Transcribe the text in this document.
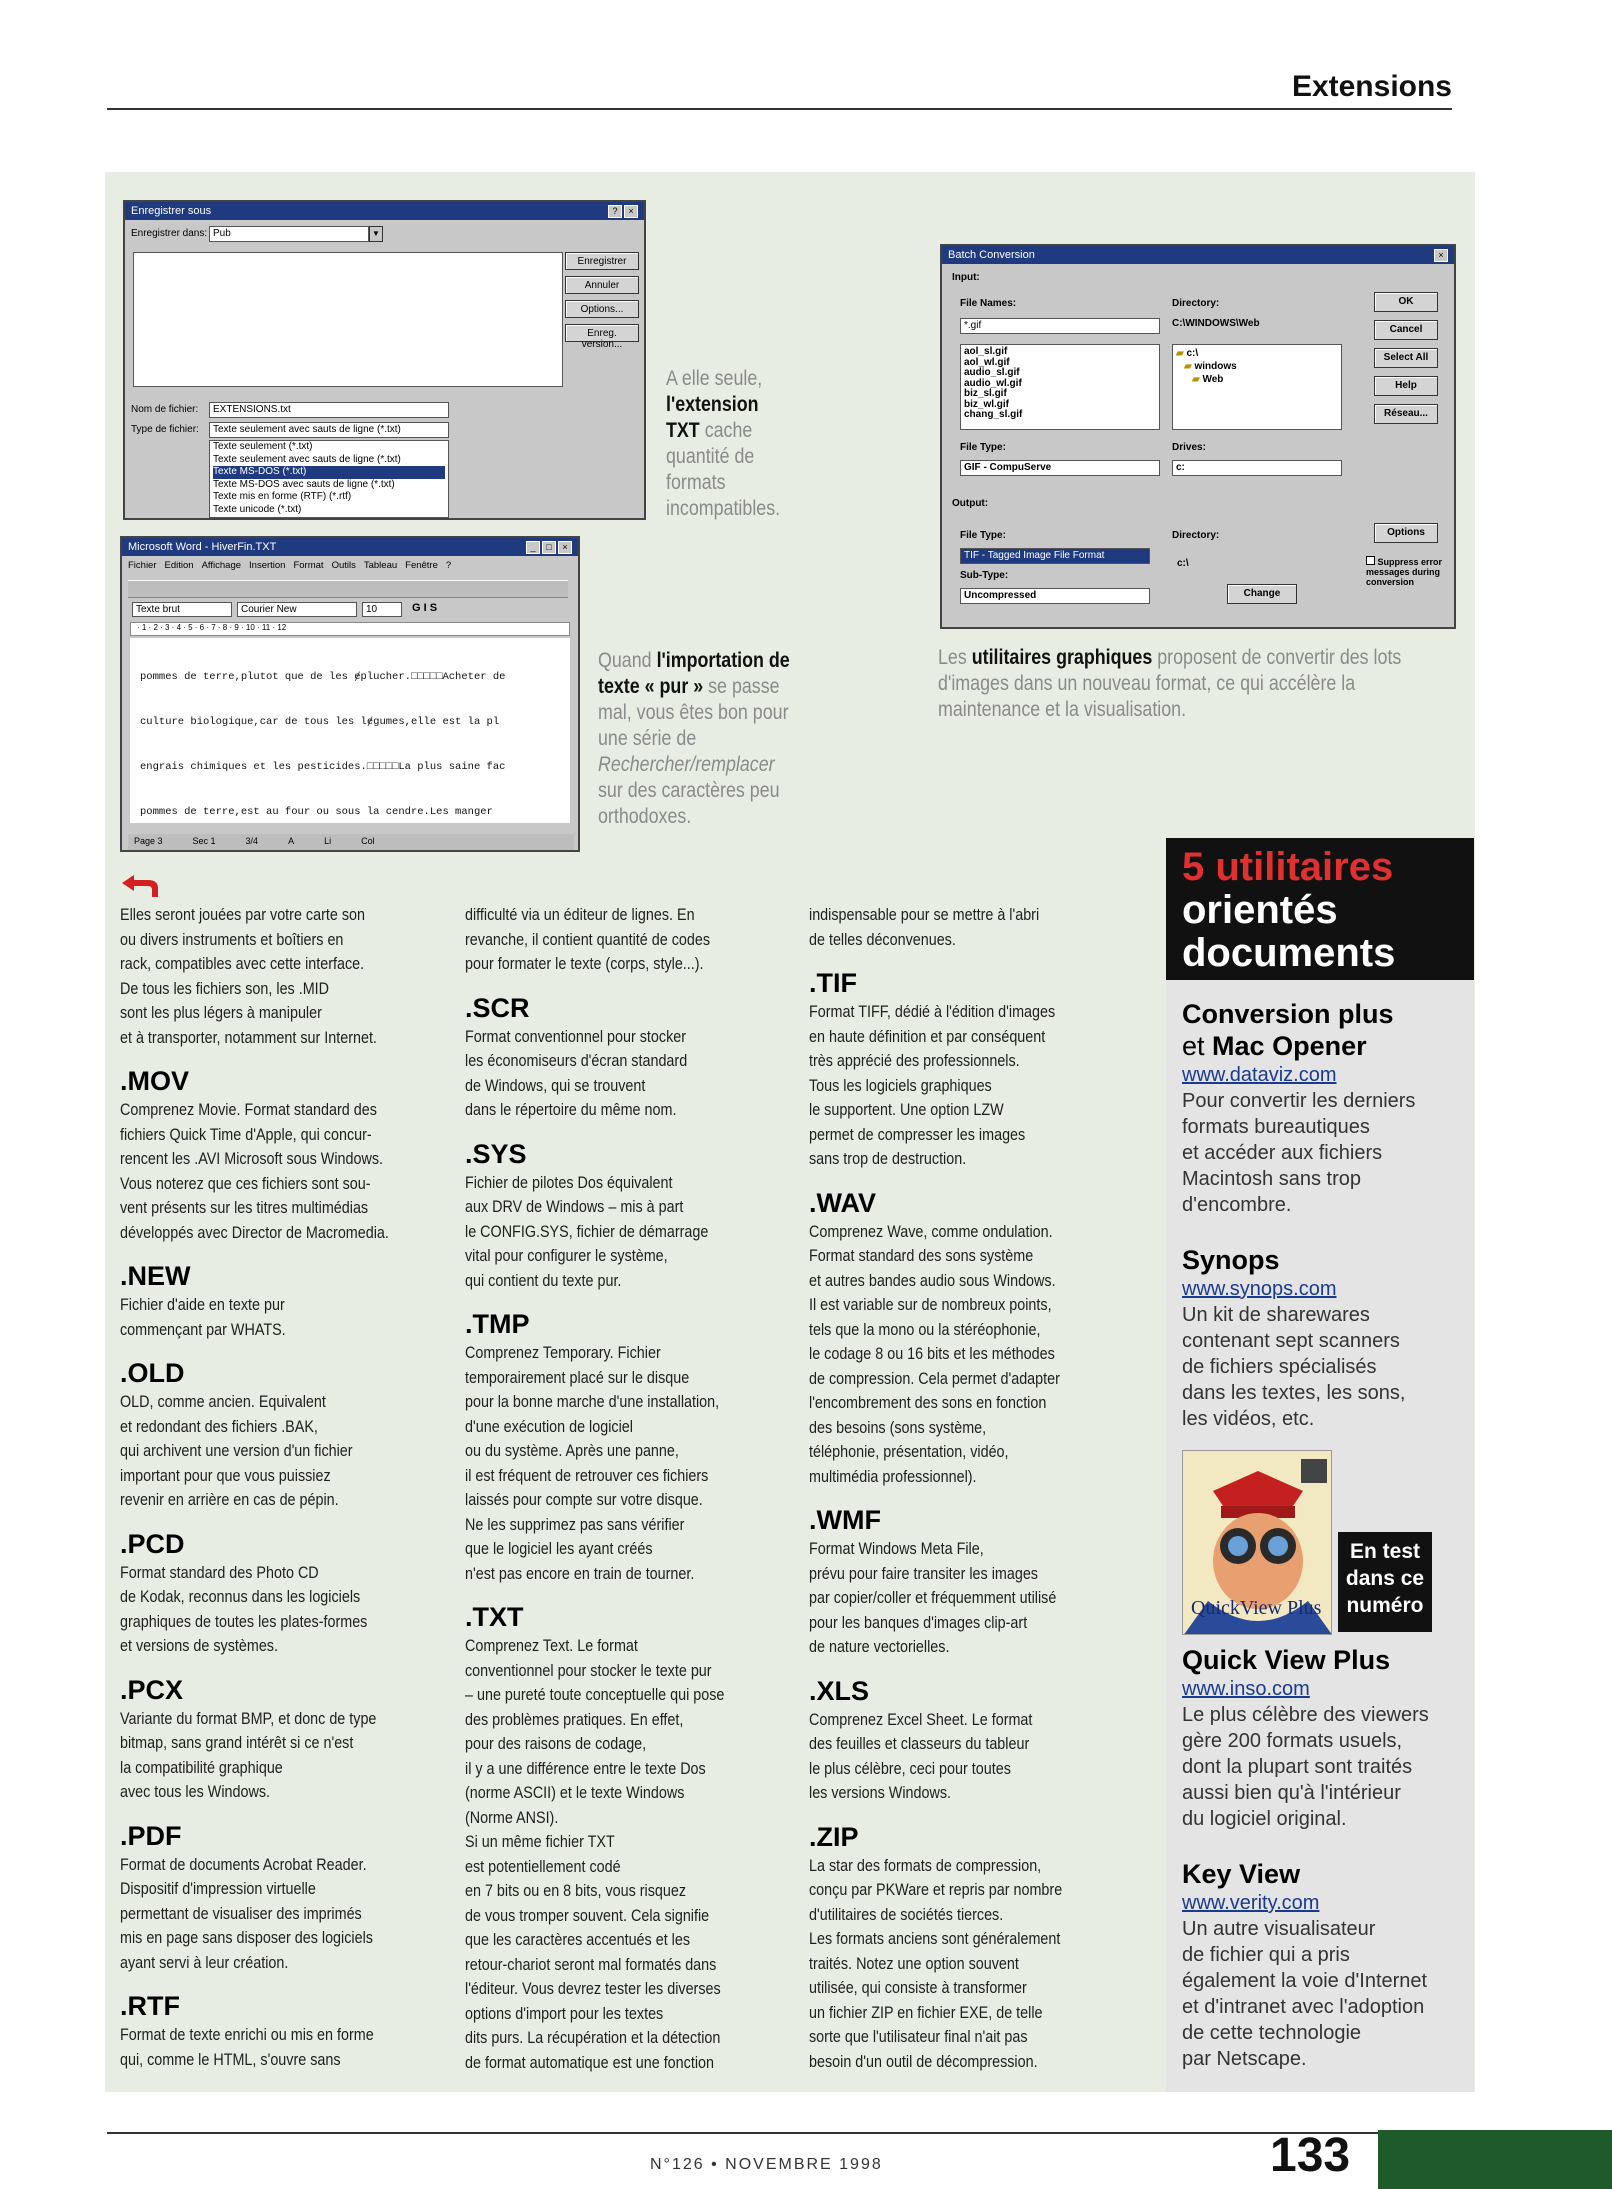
Extensions
Enregistrer sous	? ×
Enregistrer dans: Pub	▼
Enregistrer
Annuler
Options...
Enreg. version...
Nom de fichier:	EXTENSIONS.txt
Type de fichier:	Texte seulement avec sauts de ligne (*.txt)
Texte seulement (*.txt)
Texte seulement avec sauts de ligne (*.txt)
Texte MS-DOS (*.txt)
Texte MS-DOS avec sauts de ligne (*.txt)
Texte mis en forme (RTF) (*.rtf)
Texte unicode (*.txt)
Microsoft Word - HiverFin.TXT	_ □ ×
Fichier Edition Affichage Insertion Format Outils Tableau Fenêtre ?
Texte brut	Courier New	10	G I S
· 1 · 2 · 3 · 4 · 5 · 6 · 7 · 8 · 9 · 10 · 11 · 12

pommes de terre,plutot que de les ɇplucher.□□□□□Acheter de

culture biologique,car de tous les lɇgumes,elle est la pl

engrais chimiques et les pesticides.□□□□□La plus saine fac

pommes de terre,est au four ou sous la cendre.Les manger

Page 3	Sec 1	3/4	A	Li	Col
Batch Conversion	×
Input:
File Names:
*.gif
aol_sl.gif
aol_wl.gif
audio_sl.gif
audio_wl.gif
biz_sl.gif
biz_wl.gif
chang_sl.gif
Directory:
C:\WINDOWS\Web
▰ c:\
▰ windows
▰ Web
File Type:
GIF - CompuServe
Drives:
c:
Output:
File Type:
TIF - Tagged Image File Format
Sub-Type:
Uncompressed
Directory:
c:\
Change
OK
Cancel
Select All
Help
Réseau...
Options
Suppress error messages during conversion
A elle seule, l'extension TXT cache quantité de formats incompatibles.
Quand l'importation de texte « pur » se passe mal, vous êtes bon pour une série de Rechercher/remplacer sur des caractères peu orthodoxes.
Les utilitaires graphiques proposent de convertir des lots d'images dans un nouveau format, ce qui accélère la maintenance et la visualisation.

Elles seront jouées par votre carte son
ou divers instruments et boîtiers en
rack, compatibles avec cette interface.
De tous les fichiers son, les .MID
sont les plus légers à manipuler
et à transporter, notamment sur Internet.

.MOV

Comprenez Movie. Format standard des
fichiers Quick Time d'Apple, qui concur-
rencent les .AVI Microsoft sous Windows.
Vous noterez que ces fichiers sont sou-
vent présents sur les titres multimédias
développés avec Director de Macromedia.

.NEW

Fichier d'aide en texte pur
commençant par WHATS.

.OLD

OLD, comme ancien. Equivalent
et redondant des fichiers .BAK,
qui archivent une version d'un fichier
important pour que vous puissiez
revenir en arrière en cas de pépin.

.PCD

Format standard des Photo CD
de Kodak, reconnus dans les logiciels
graphiques de toutes les plates-formes
et versions de systèmes.

.PCX

Variante du format BMP, et donc de type
bitmap, sans grand intérêt si ce n'est
la compatibilité graphique
avec tous les Windows.

.PDF

Format de documents Acrobat Reader.
Dispositif d'impression virtuelle
permettant de visualiser des imprimés
mis en page sans disposer des logiciels
ayant servi à leur création.

.RTF

Format de texte enrichi ou mis en forme
qui, comme le HTML, s'ouvre sans

difficulté via un éditeur de lignes. En
revanche, il contient quantité de codes
pour formater le texte (corps, style...).

.SCR

Format conventionnel pour stocker
les économiseurs d'écran standard
de Windows, qui se trouvent
dans le répertoire du même nom.

.SYS

Fichier de pilotes Dos équivalent
aux DRV de Windows – mis à part
le CONFIG.SYS, fichier de démarrage
vital pour configurer le système,
qui contient du texte pur.

.TMP

Comprenez Temporary. Fichier
temporairement placé sur le disque
pour la bonne marche d'une installation,
d'une exécution de logiciel
ou du système. Après une panne,
il est fréquent de retrouver ces fichiers
laissés pour compte sur votre disque.
Ne les supprimez pas sans vérifier
que le logiciel les ayant créés
n'est pas encore en train de tourner.

.TXT

Comprenez Text. Le format
conventionnel pour stocker le texte pur
– une pureté toute conceptuelle qui pose
des problèmes pratiques. En effet,
pour des raisons de codage,
il y a une différence entre le texte Dos
(norme ASCII) et le texte Windows
(Norme ANSI).
Si un même fichier TXT
est potentiellement codé
en 7 bits ou en 8 bits, vous risquez
de vous tromper souvent. Cela signifie
que les caractères accentués et les
retour-chariot seront mal formatés dans
l'éditeur. Vous devrez tester les diverses
options d'import pour les textes
dits purs. La récupération et la détection
de format automatique est une fonction

indispensable pour se mettre à l'abri
de telles déconvenues.

.TIF

Format TIFF, dédié à l'édition d'images
en haute définition et par conséquent
très apprécié des professionnels.
Tous les logiciels graphiques
le supportent. Une option LZW
permet de compresser les images
sans trop de destruction.

.WAV

Comprenez Wave, comme ondulation.
Format standard des sons système
et autres bandes audio sous Windows.
Il est variable sur de nombreux points,
tels que la mono ou la stéréophonie,
le codage 8 ou 16 bits et les méthodes
de compression. Cela permet d'adapter
l'encombrement des sons en fonction
des besoins (sons système,
téléphonie, présentation, vidéo,
multimédia professionnel).

.WMF

Format Windows Meta File,
prévu pour faire transiter les images
par copier/coller et fréquemment utilisé
pour les banques d'images clip-art
de nature vectorielles.

.XLS

Comprenez Excel Sheet. Le format
des feuilles et classeurs du tableur
le plus célèbre, ceci pour toutes
les versions Windows.

.ZIP

La star des formats de compression,
conçu par PKWare et repris par nombre
d'utilitaires de sociétés tierces.
Les formats anciens sont généralement
traités. Notez une option souvent
utilisée, qui consiste à transformer
un fichier ZIP en fichier EXE, de telle
sorte que l'utilisateur final n'ait pas
besoin d'un outil de décompression.

5 utilitaires
orientés
documents
Conversion plus
et Mac Opener
www.dataviz.com
Pour convertir les derniers
formats bureautiques
et accéder aux fichiers
Macintosh sans trop
d'encombre.
Synops
www.synops.com
Un kit de sharewares
contenant sept scanners
de fichiers spécialisés
dans les textes, les sons,
les vidéos, etc.
QuickView Plus
En test
dans ce
numéro
Quick View Plus
www.inso.com
Le plus célèbre des viewers
gère 200 formats usuels,
dont la plupart sont traités
aussi bien qu'à l'intérieur
du logiciel original.
Key View
www.verity.com
Un autre visualisateur
de fichier qui a pris
également la voie d'Internet
et d'intranet avec l'adoption
de cette technologie
par Netscape.
N°126 • NOVEMBRE 1998	133
